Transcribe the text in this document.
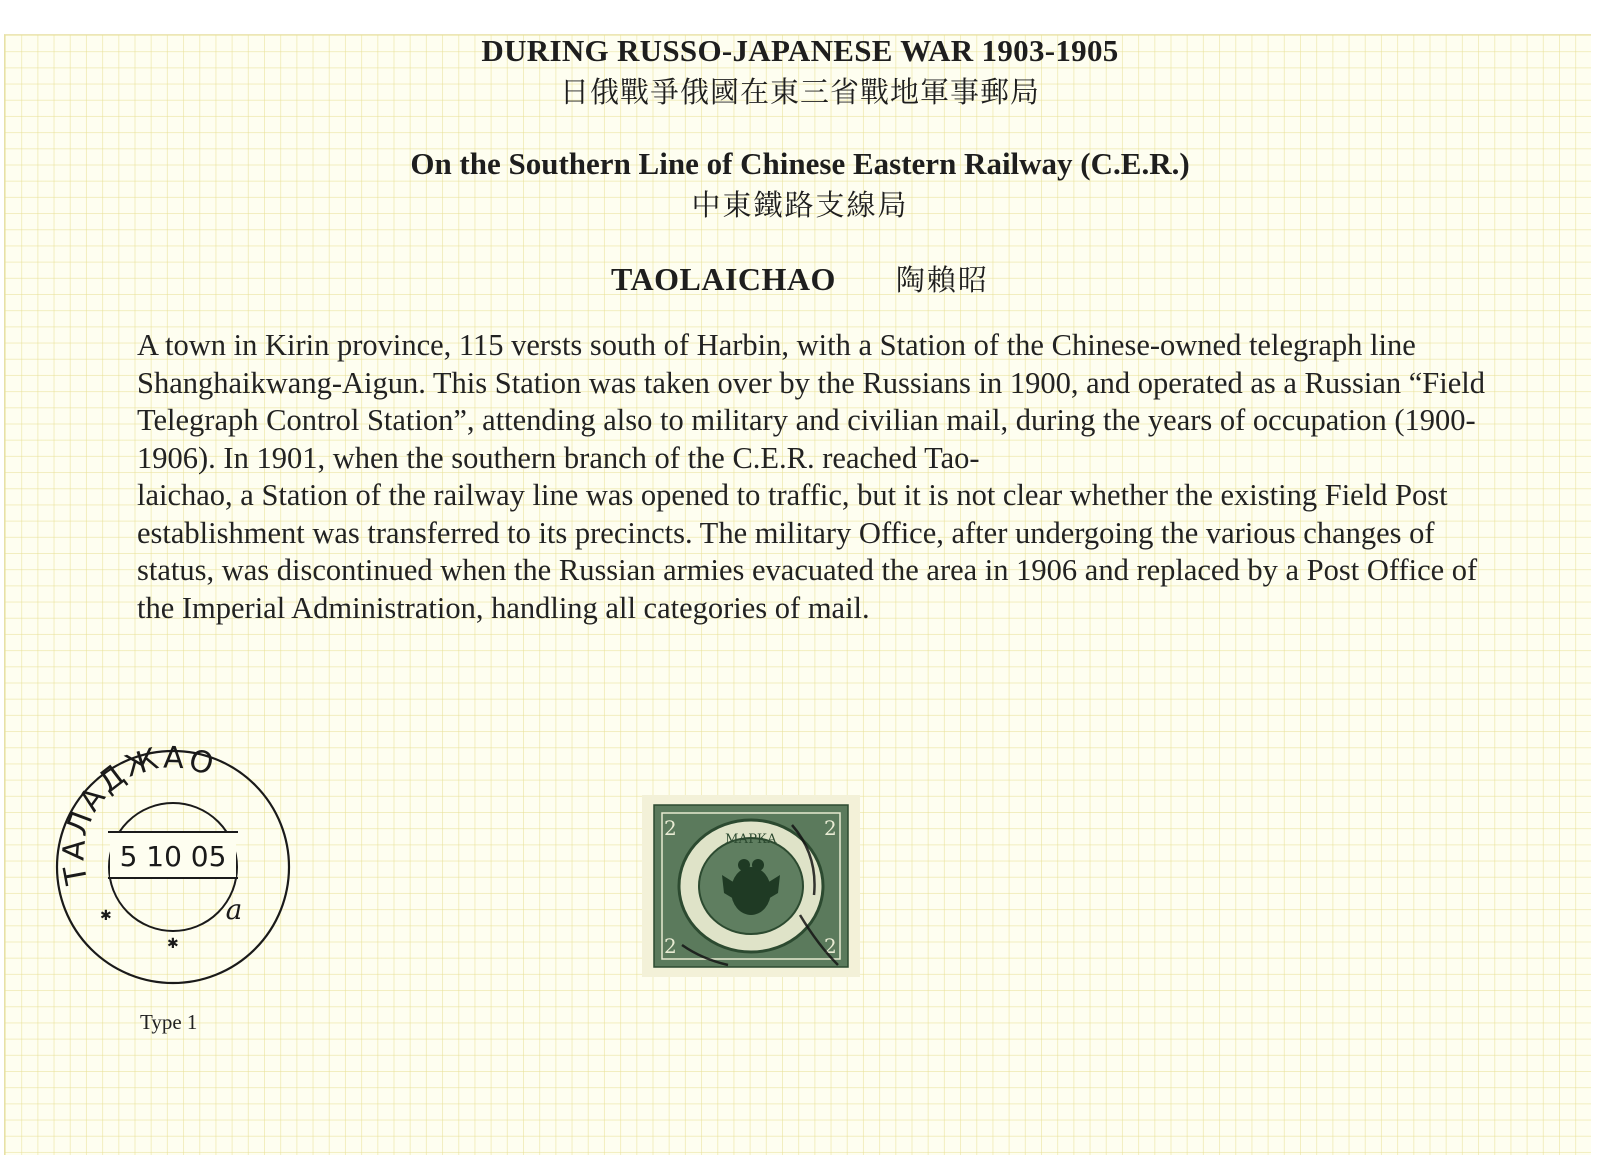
DURING RUSSO-JAPANESE WAR 1903-1905
日俄戰爭俄國在東三省戰地軍事郵局
On the Southern Line of Chinese Eastern Railway (C.E.R.)
中東鐵路支線局
TAOLAICHAO 陶賴昭

A town in Kirin province, 115 versts south of Harbin, with a Station of the Chinese-owned telegraph line Shanghaikwang-Aigun. This Station was taken over by the Russians in 1900, and operated as a Russian “Field Telegraph Control Station”, attending also to military and civilian mail, during the years of occupation (1900-1906). In 1901, when the southern branch of the C.E.R. reached Tao-

laichao, a Station of the railway line was opened to traffic, but it is not clear whether the existing Field Post establishment was transferred to its precincts. The military Office, after undergoing the various changes of status, was discontinued when the Russian armies evacuated the area in 1906 and replaced by a Post Office of the Imperial Administration, handling all categories of mail.

ТАЛАДЖАО
5 10 05
а
✱
✱
Type 1
МАРКА
2	2
2	2
